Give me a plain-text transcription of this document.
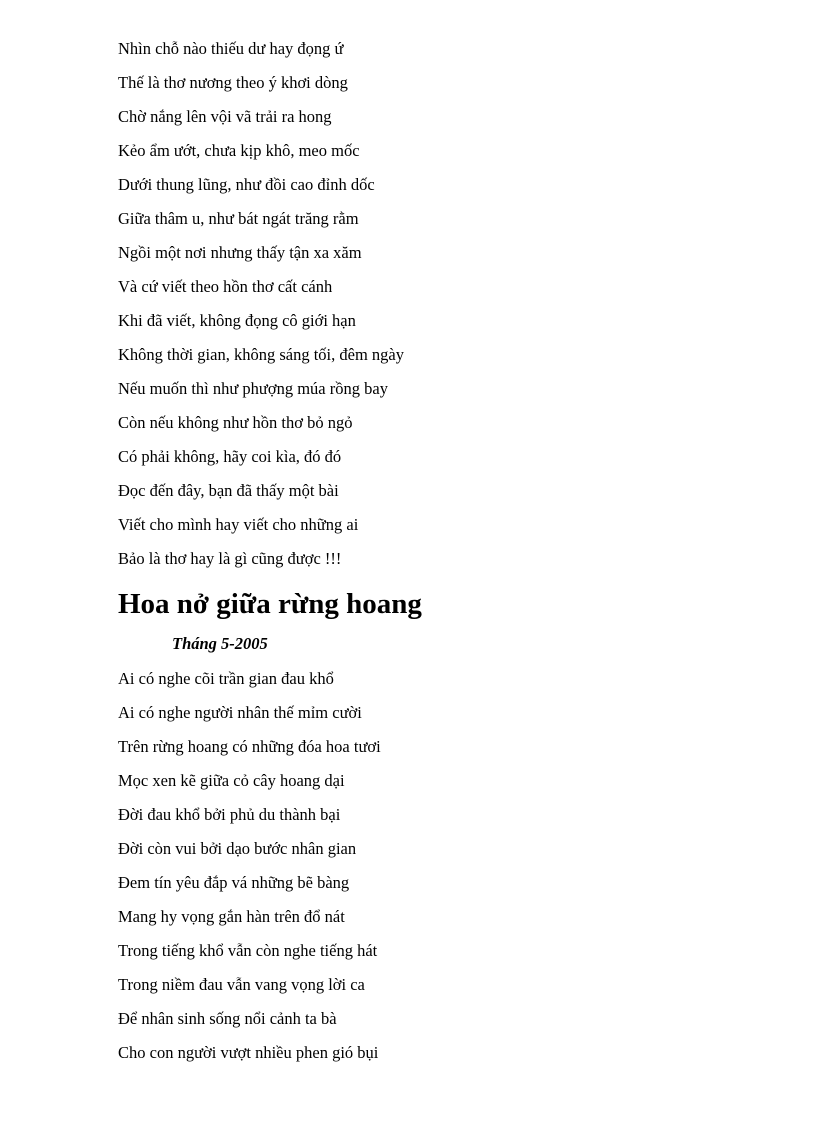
Nhìn chỗ nào thiếu dư hay đọng ứ
Thế là thơ nương theo ý khơi dòng
Chờ nắng lên vội vã trải ra hong
Kẻo ẩm ướt, chưa kịp khô, meo mốc
Dưới thung lũng, như đồi cao đỉnh dốc
Giữa thâm u, như bát ngát trăng rằm
Ngồi một nơi nhưng thấy tận xa xăm
Và cứ viết theo hồn thơ cất cánh
Khi đã viết, không đọng cô giới hạn
Không thời gian, không sáng tối, đêm ngày
Nếu muốn thì như phượng múa rồng bay
Còn nếu không như hồn thơ bỏ ngỏ
Có phải không, hãy coi kìa, đó đó
Đọc đến đây, bạn đã thấy một bài
Viết cho mình hay viết cho những ai
Bảo là thơ hay là gì cũng được !!!
Hoa nở giữa rừng hoang
Tháng 5-2005
Ai có nghe cõi trần gian đau khổ
Ai có nghe người nhân thế mỉm cười
Trên rừng hoang có những đóa hoa tươi
Mọc xen kẽ giữa cỏ cây hoang dại
Đời đau khổ bởi phủ du thành bại
Đời còn vui bởi dạo bước nhân gian
Đem tín yêu đắp vá những bẽ bàng
Mang hy vọng gắn hàn trên đổ nát
Trong tiếng khổ vẫn còn nghe tiếng hát
Trong niềm đau vẫn vang vọng lời ca
Để nhân sinh sống nổi cảnh ta bà
Cho con người vượt nhiều phen gió bụi
